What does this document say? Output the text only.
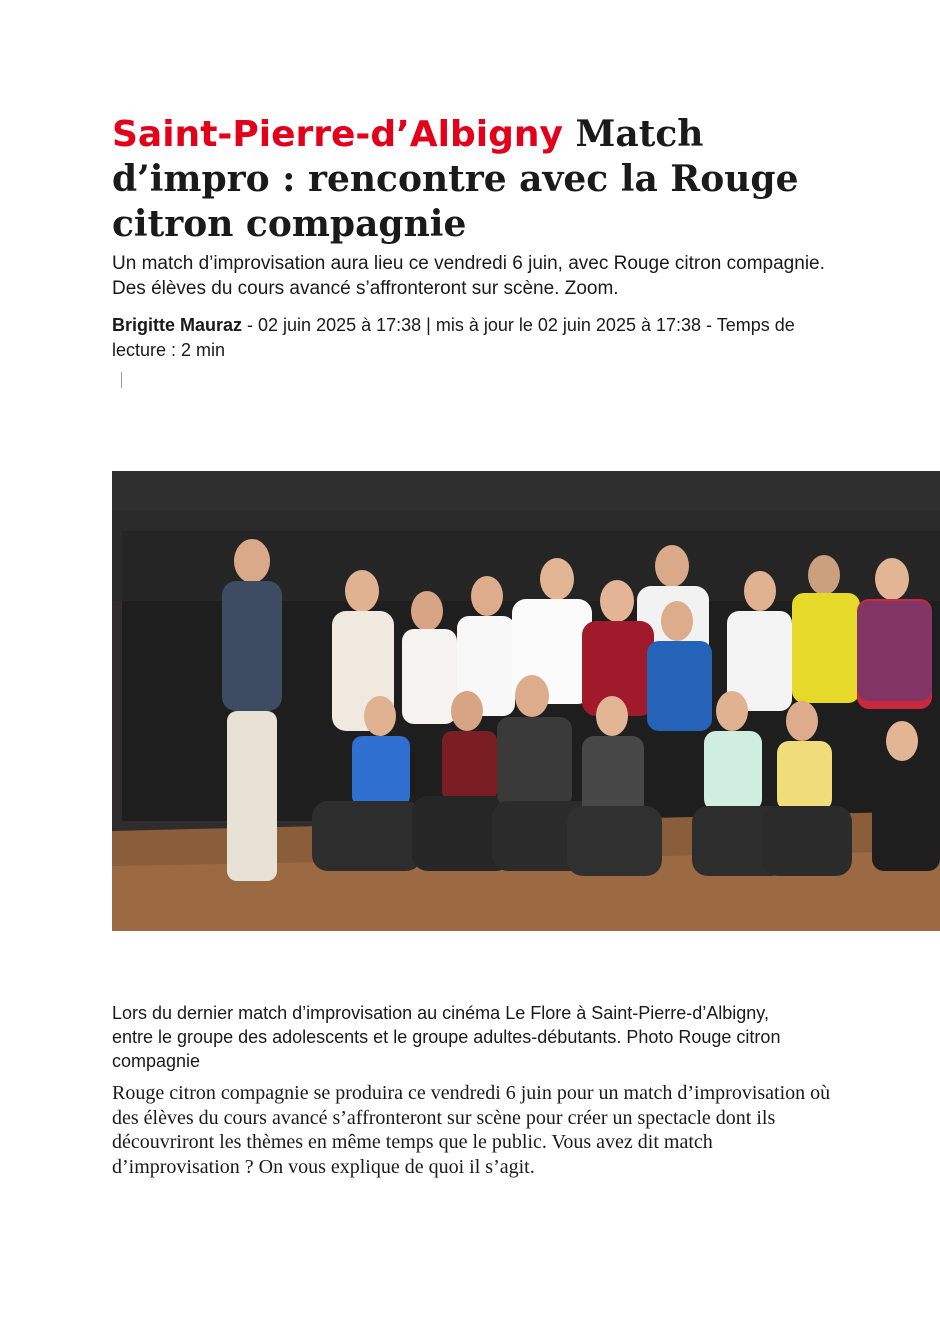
Saint-Pierre-d’Albigny Match d’impro : rencontre avec la Rouge citron compagnie

Un match d’improvisation aura lieu ce vendredi 6 juin, avec Rouge citron compagnie. Des élèves du cours avancé s’affronteront sur scène. Zoom.

Brigitte Mauraz - 02 juin 2025 à 17:38 | mis à jour le 02 juin 2025 à 17:38 - Temps de lecture : 2 min

Lors du dernier match d’improvisation au cinéma Le Flore à Saint-Pierre-d’Albigny, entre le groupe des adolescents et le groupe adultes-débutants. Photo Rouge citron compagnie

Rouge citron compagnie se produira ce vendredi 6 juin pour un match d’improvisation où des élèves du cours avancé s’affronteront sur scène pour créer un spectacle dont ils découvriront les thèmes en même temps que le public. Vous avez dit match d’improvisation ? On vous explique de quoi il s’agit.
